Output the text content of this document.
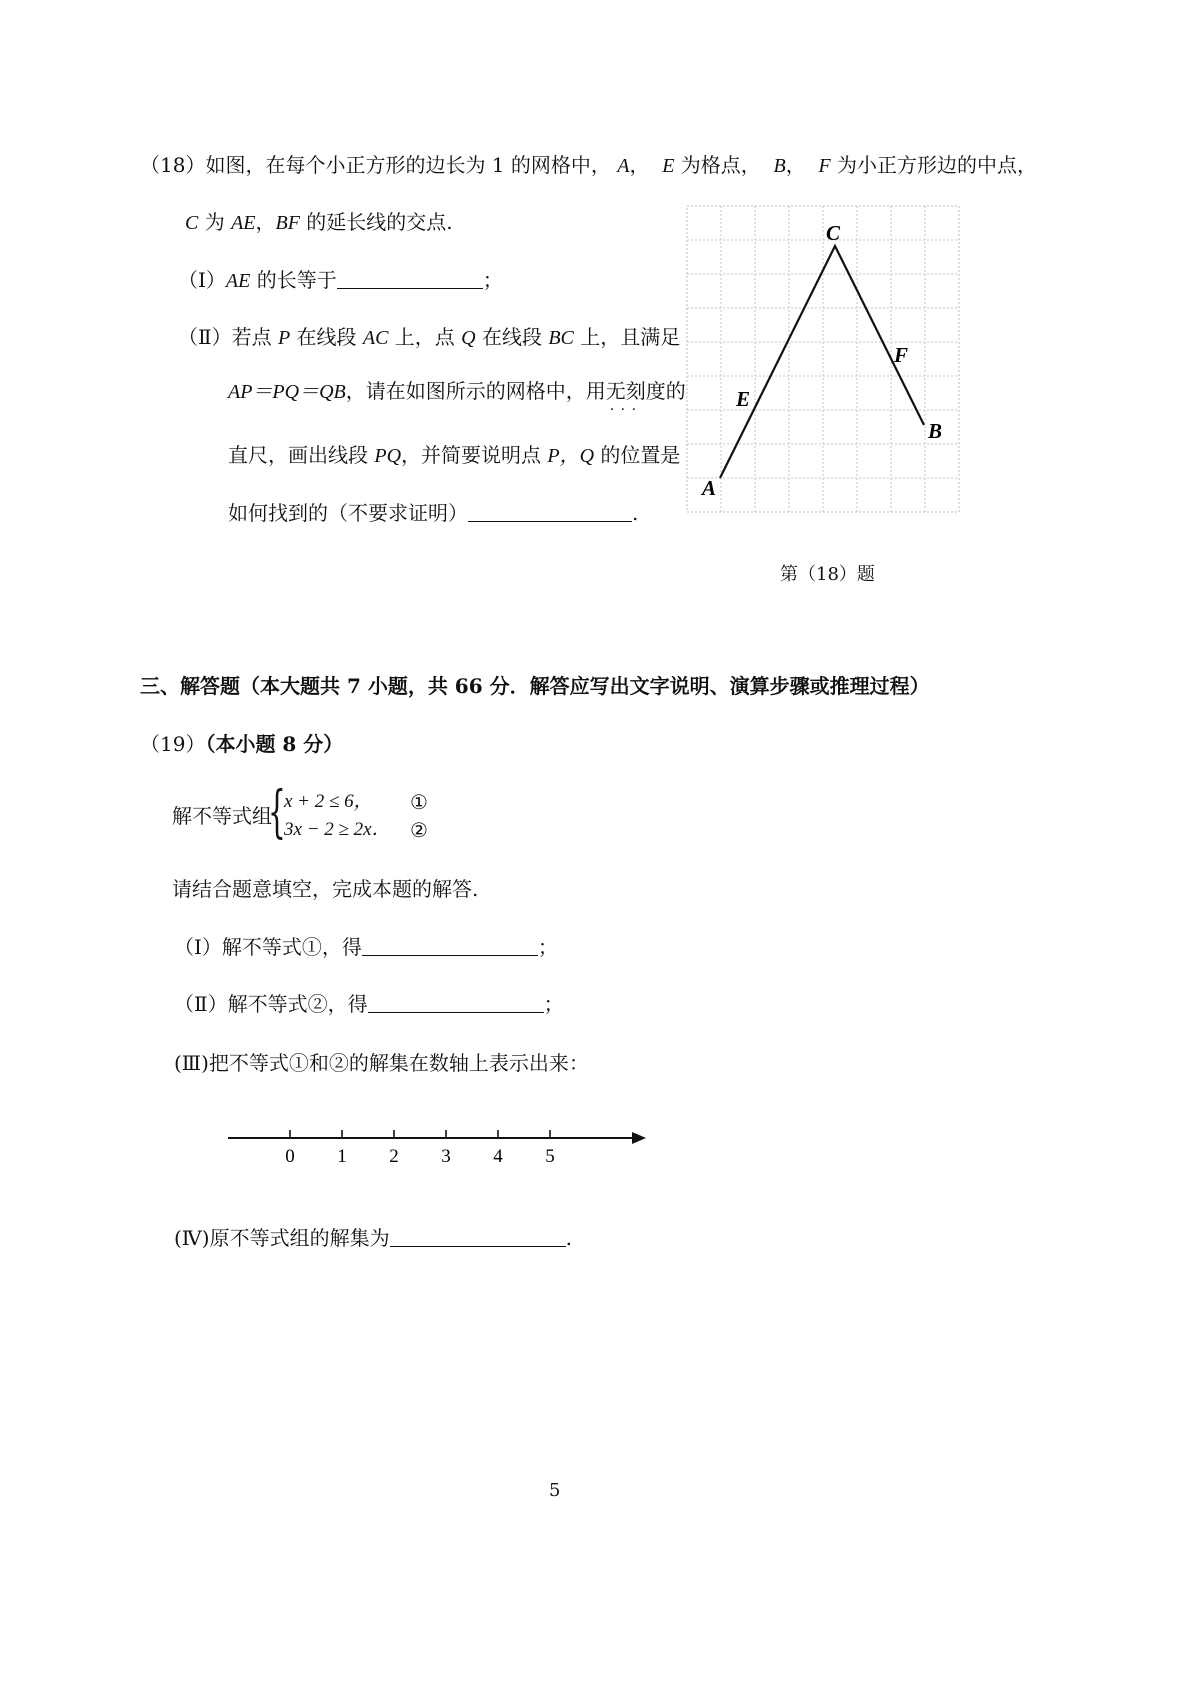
（18）如图，在每个小正方形的边长为 1 的网格中， A， E 为格点， B， F 为小正方形边的中点，
C 为 AE，BF 的延长线的交点.
（Ⅰ）AE 的长等于	；
（Ⅱ）若点 P 在线段 AC 上，点 Q 在线段 BC 上，且满足
AP＝PQ＝QB，请在如图所示的网格中，用无刻度的 · ·
直尺，画出线段 PQ，并简要说明点 P，Q 的位置是
如何找到的（不要求证明）	.
C
F
E
B
A
第（18）题
三、解答题（本大题共 7 小题，共 66 分．解答应写出文字说明、演算步骤或推理过程）
（19）（本小题 8 分）
解不等式组
{
x + 2 ≤ 6， ①
3x − 2 ≥ 2x． ②
请结合题意填空，完成本题的解答.
（Ⅰ）解不等式①，得	；
（Ⅱ）解不等式②，得	；
(Ⅲ)把不等式①和②的解集在数轴上表示出来：
0 1 2 3 4 5
(Ⅳ)原不等式组的解集为	.
5
